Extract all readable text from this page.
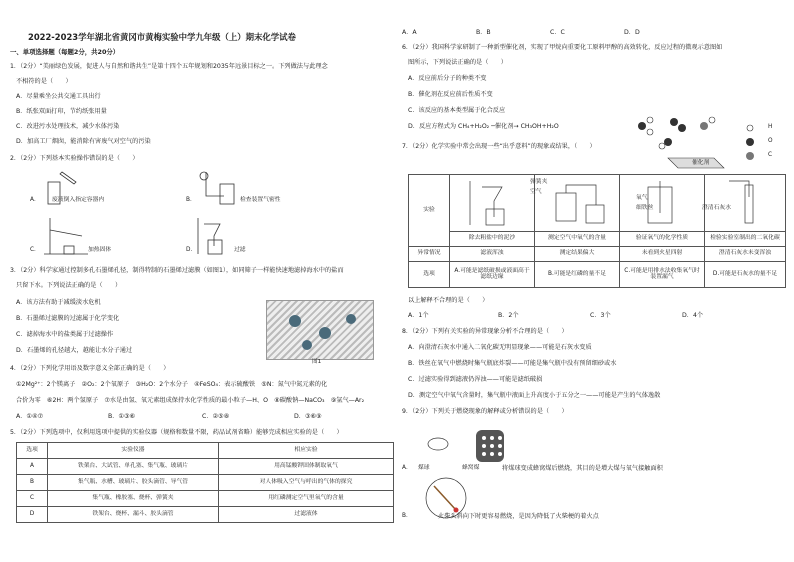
2022-2023学年湖北省黄冈市黄梅实验中学九年级（上）期末化学试卷
一、单项选择题（每题2分，共20分）
1．（2分）“美丽绿色发展，促进人与自然和谐共生”是第十四个五年规划和2035年远景目标之一。下列做法与此理念
不相符的是（　　）
A．尽量乘坐公共交通工具出行
B．纸张双面打印，节约纸张用量
C．改进污水处理技术，减少水体污染
D．加高工厂烟囱，能消除有害废气对空气的污染
2．（2分）下列基本实验操作错误的是（　　）
A． 废液倒入指定容器内	B．	检查装置气密性
C．	加热固体	D．	过滤
3．（2分）科学家通过控制多孔石墨烯孔径，制得特制的石墨烯过滤膜（如图1），如同筛子一样能快速地滤掉海水中的盐而
只留下水。下列说法正确的是（　　）
A．该方法有助于减缓淡水危机
B．石墨烯过滤膜的过滤属于化学变化
C．滤掉海水中的盐类属于过滤操作
D．石墨烯的孔径越大，越能让水分子通过
图1
4．（2分）下列化学用语及数字意义全部正确的是（　　）
①2Mg²⁺：2个镁离子　②O₂：2个氧原子　③H₂O：2个水分子　④FeSO₄：表示硫酸铁　⑤N：氮气中氮元素的化
合价为零　⑥2H：两个氢原子　⑦水是由氢、氧元素组成保持水化学性质的最小粒子—H、O　⑧碳酸钠—NaCO₃　⑨氩气—Ar₂
A．①④⑦	B．①③⑥	C．②⑤⑧	D．③⑥⑨
5．（2分）下列选项中，仅利用选项中提供的实验仪器（规格和数量不限，药品试剂省略）能够完成相应实验的是（　　）
选项	实验仪器	相应实验
A	铁架台、大试管、单孔塞、集气瓶、玻璃片	用高锰酸钾固体制取氧气
B	集气瓶、水槽、玻璃片、胶头滴管、导气管	对人体吸入空气与呼出的气体的探究
C	集气瓶、橡胶塞、烧杯、弹簧夹	用红磷测定空气里氧气的含量
D	铁架台、烧杯、漏斗、胶头滴管	过滤液体
A．A	B．B	C．C	D．D
6．（2分）我国科学家研制了一种新型催化剂，实现了甲烷向重要化工原料甲醇的高效转化，反应过程的微观示意图如
图所示，下列说法正确的是（　　）
A．反应前后分子的种类不变
B．催化剂在反应前后性质不变
C．该反应的基本类型属于化合反应
D．反应方程式为 CH₄+H₂O₂ ─催化剂→ CH₃OH+H₂O
催化剂
H
O
C
7．（2分）化学实验中常会出现一些“出乎意料”的现象或结果，（　　）
实验				
	除去粗盐中的泥沙	测定空气中氧气的含量	验证氧气的化学性质	检验实验室制出的二氧化碳
异常情况	滤液浑浊	测定结果偏大	未看到火星四射	澄清石灰水未变浑浊
选项	A.可能是滤纸破损或液面高于滤纸边缘	B.可能是红磷的量不足	C.可能是用排水法收集氧气时装置漏气	D.可能是石灰水的量不足
弹簧夹
空气
氧气
细铁丝	澄清石灰水
以上解释不合理的是（　　）
A．1个	B．2个	C．3个	D．4个
8．（2分）下列有关实验的异常现象分析不合理的是（　　）
A．向澄清石灰水中通入二氧化碳无明显现象——可能是石灰水变质
B．铁丝在氧气中燃烧时集气瓶底炸裂——可能是集气瓶中没有预留细砂或水
C．过滤实验得到滤液仍浑浊——可能是滤纸破损
D．测定空气中氧气含量时，集气瓶中液面上升高度小于五分之一——可能是产生的气体逸散
9．（2分）下列关于燃烧现象的解释或分析错误的是（　　）
A． 煤球	蜂窝煤	将煤球变成蜂窝煤后燃烧，其目的是增大煤与氧气接触面积
B．	火柴头斜向下时更容易燃烧，是因为降低了火柴梗的着火点
